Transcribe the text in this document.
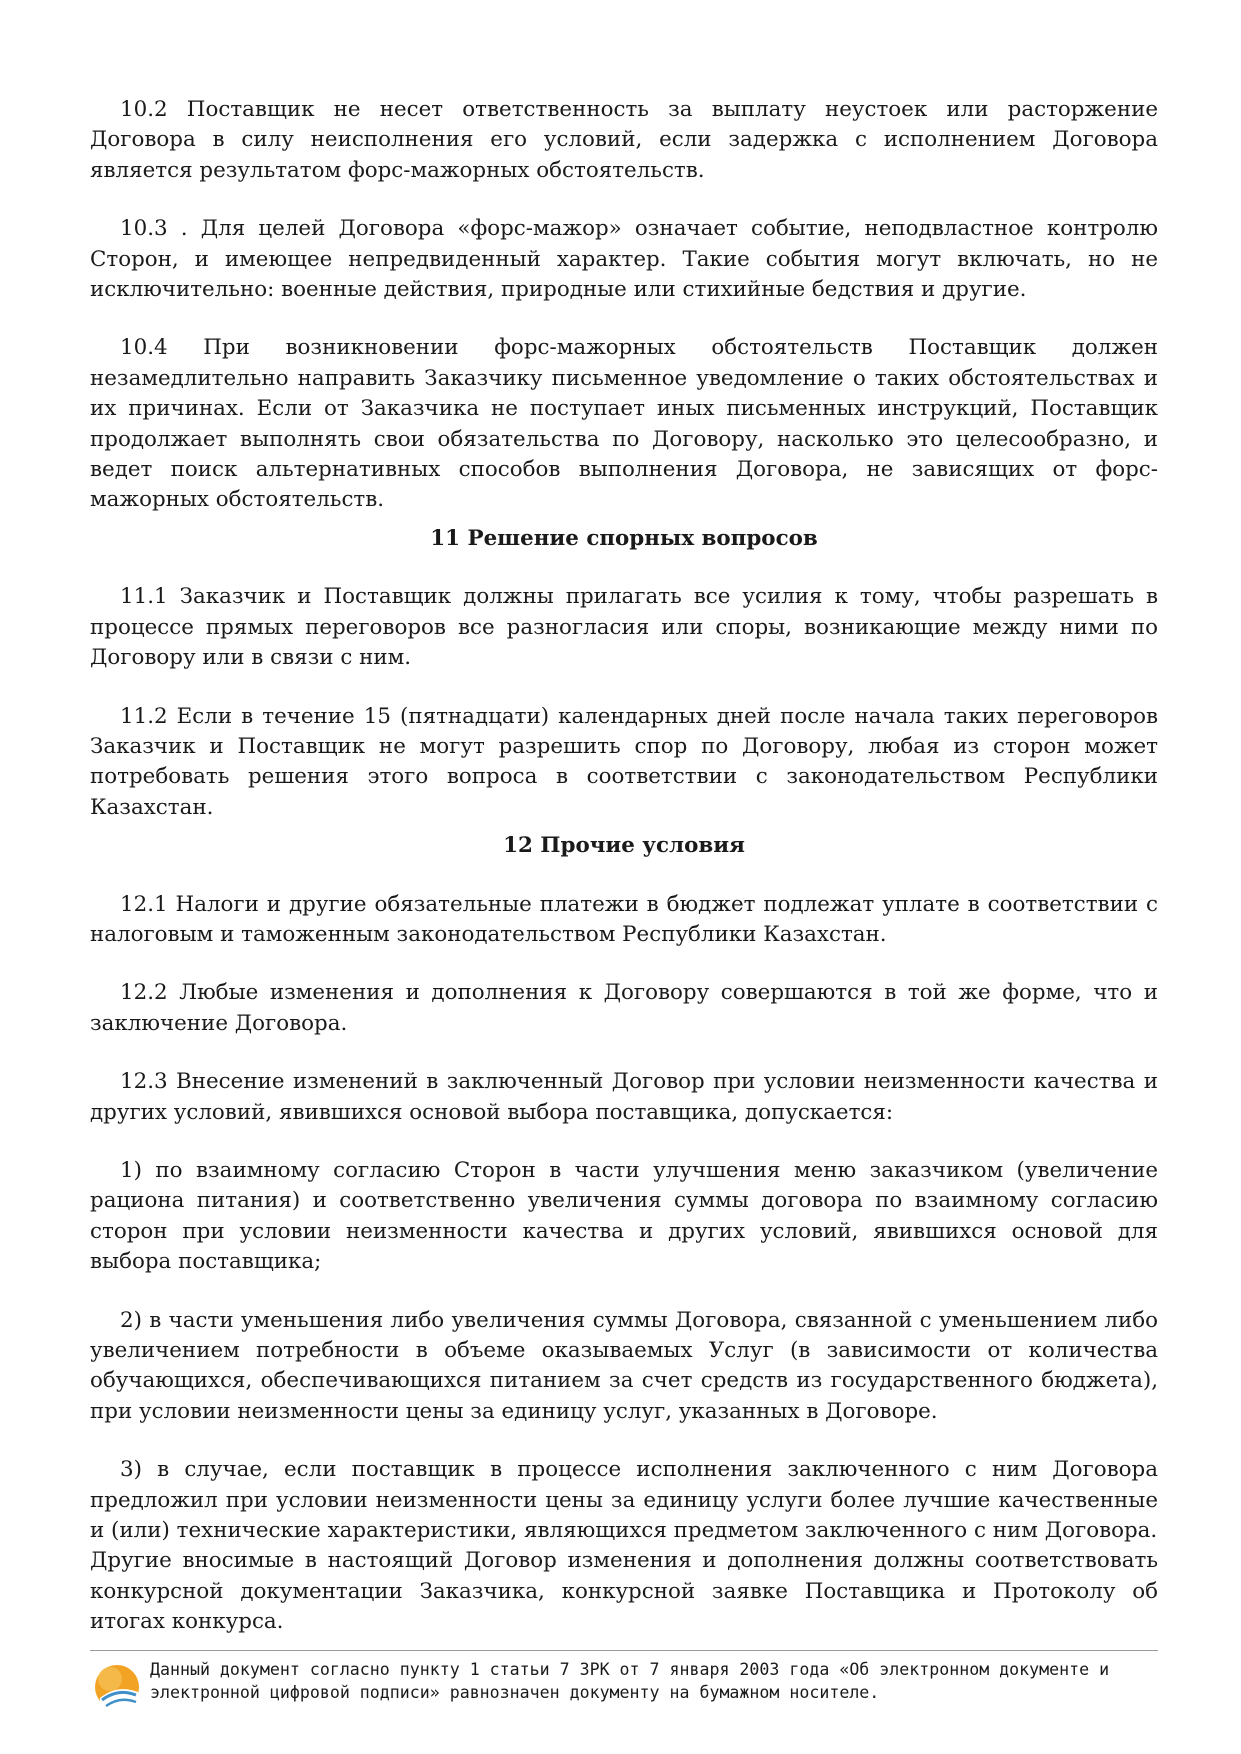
10.2 Поставщик не несет ответственность за выплату неустоек или расторжение Договора в силу неисполнения его условий, если задержка с исполнением Договора является результатом форс-мажорных обстоятельств.

10.3 . Для целей Договора «форс-мажор» означает событие, неподвластное контролю Сторон, и имеющее непредвиденный характер. Такие события могут включать, но не исключительно: военные действия, природные или стихийные бедствия и другие.

10.4 При возникновении форс-мажорных обстоятельств Поставщик должен незамедлительно направить Заказчику письменное уведомление о таких обстоятельствах и их причинах. Если от Заказчика не поступает иных письменных инструкций, Поставщик продолжает выполнять свои обязательства по Договору, насколько это целесообразно, и ведет поиск альтернативных способов выполнения Договора, не зависящих от форс-мажорных обстоятельств.

11 Решение спорных вопросов

11.1 Заказчик и Поставщик должны прилагать все усилия к тому, чтобы разрешать в процессе прямых переговоров все разногласия или споры, возникающие между ними по Договору или в связи с ним.

11.2 Если в течение 15 (пятнадцати) календарных дней после начала таких переговоров Заказчик и Поставщик не могут разрешить спор по Договору, любая из сторон может потребовать решения этого вопроса в соответствии с законодательством Республики Казахстан.

12 Прочие условия

12.1 Налоги и другие обязательные платежи в бюджет подлежат уплате в соответствии с налоговым и таможенным законодательством Республики Казахстан.

12.2 Любые изменения и дополнения к Договору совершаются в той же форме, что и заключение Договора.

12.3 Внесение изменений в заключенный Договор при условии неизменности качества и других условий, явившихся основой выбора поставщика, допускается:

1) по взаимному согласию Сторон в части улучшения меню заказчиком (увеличение рациона питания) и соответственно увеличения суммы договора по взаимному согласию сторон при условии неизменности качества и других условий, явившихся основой для выбора поставщика;

2) в части уменьшения либо увеличения суммы Договора, связанной с уменьшением либо увеличением потребности в объеме оказываемых Услуг (в зависимости от количества обучающихся, обеспечивающихся питанием за счет средств из государственного бюджета), при условии неизменности цены за единицу услуг, указанных в Договоре.

3) в случае, если поставщик в процессе исполнения заключенного с ним Договора предложил при условии неизменности цены за единицу услуги более лучшие качественные и (или) технические характеристики, являющихся предметом заключенного с ним Договора.

Другие вносимые в настоящий Договор изменения и дополнения должны соответствовать конкурсной документации Заказчика, конкурсной заявке Поставщика и Протоколу об итогах конкурса.

Данный документ согласно пункту 1 статьи 7 ЗРК от 7 января 2003 года «Об электронном документе и
электронной цифровой подписи» равнозначен документу на бумажном носителе.
